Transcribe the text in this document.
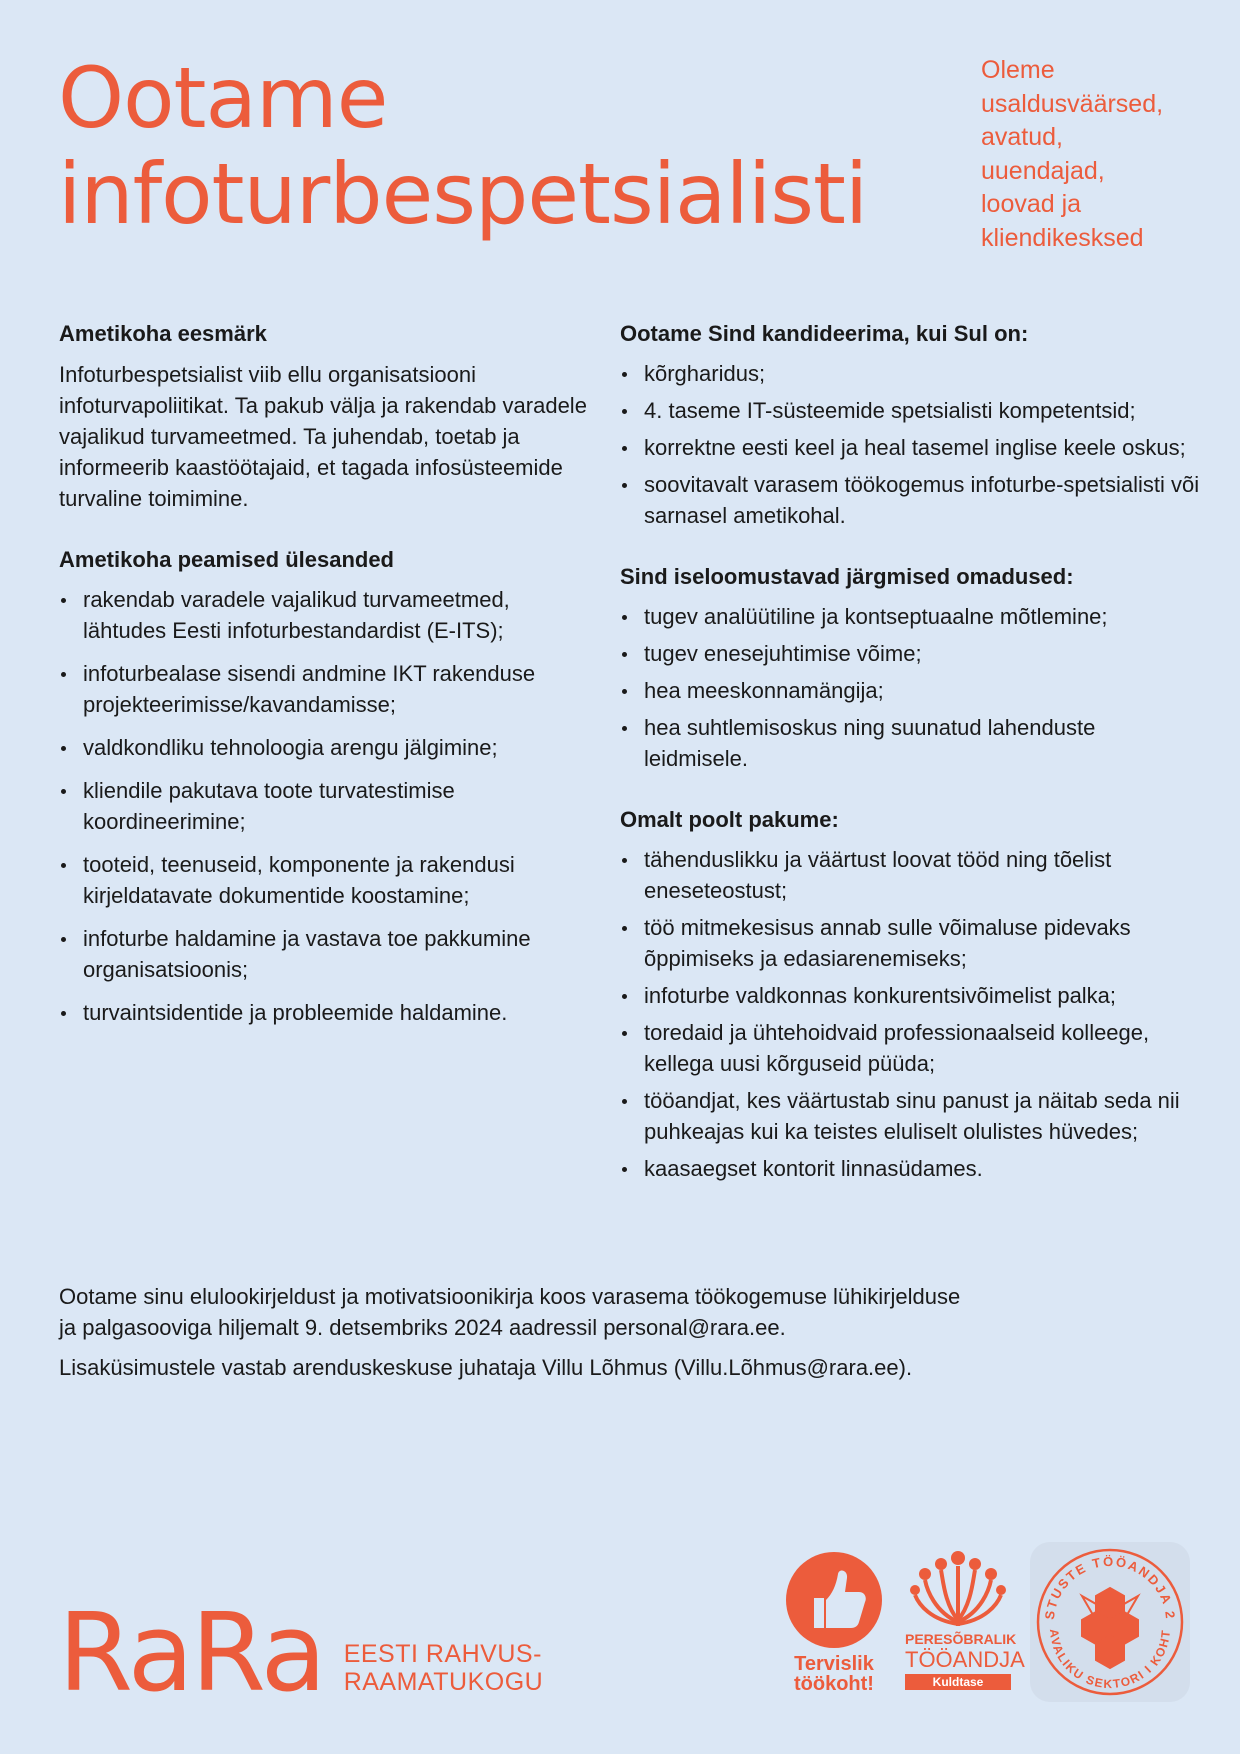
Ootame
infoturbespetsialisti
Oleme
usaldusväärsed,
avatud,
uuendajad,
loovad ja
kliendikesksed
Ametikoha eesmärk

Infoturbespetsialist viib ellu organisatsiooni infoturvapoliitikat. Ta pakub välja ja rakendab varadele vajalikud turvameetmed. Ta juhendab, toetab ja informeerib kaastöötajaid, et tagada infosüsteemide turvaline toimimine.

Ametikoha peamised ülesanded
rakendab varadele vajalikud turvameetmed, lähtudes Eesti infoturbestandardist (E-ITS);
infoturbealase sisendi andmine IKT rakenduse projekteerimisse/kavandamisse;
valdkondliku tehnoloogia arengu jälgimine;
kliendile pakutava toote turvatestimise koordineerimine;
tooteid, teenuseid, komponente ja rakendusi kirjeldatavate dokumentide koostamine;
infoturbe haldamine ja vastava toe pakkumine organisatsioonis;
turvaintsidentide ja probleemide haldamine.
Ootame Sind kandideerima, kui Sul on:
kõrgharidus;
4. taseme IT-süsteemide spetsialisti kompetentsid;
korrektne eesti keel ja heal tasemel inglise keele oskus;
soovitavalt varasem töökogemus infoturbe-spetsialisti või sarnasel ametikohal.
Sind iseloomustavad järgmised omadused:
tugev analüütiline ja kontseptuaalne mõtlemine;
tugev enesejuhtimise võime;
hea meeskonnamängija;
hea suhtlemisoskus ning suunatud lahenduste leidmisele.
Omalt poolt pakume:
tähenduslikku ja väärtust loovat tööd ning tõelist eneseteostust;
töö mitmekesisus annab sulle võimaluse pidevaks õppimiseks ja edasiarenemiseks;
infoturbe valdkonnas konkurentsivõimelist palka;
toredaid ja ühtehoidvaid professionaalseid kolleege, kellega uusi kõrguseid püüda;
tööandjat, kes väärtustab sinu panust ja näitab seda nii puhkeajas kui ka teistes eluliselt olulistes hüvedes;
kaasaegset kontorit linnasüdames.

Ootame sinu elulookirjeldust ja motivatsioonikirja koos varasema töökogemuse lühikirjelduse
ja palgasooviga hiljemalt 9. detsembriks 2024 aadressil personal@rara.ee.

Lisaküsimustele vastab arenduskeskuse juhataja Villu Lõhmus (Villu.Lõhmus@rara.ee).

RaRa EESTI RAHVUS-
RAAMATUKOGU
Tervislik
töökoht!
PERESÕBRALIK
TÖÖANDJA
Kuldtase
STUSTE TÖÖANDJA 2
AVALIKU SEKTORI I KOHT
